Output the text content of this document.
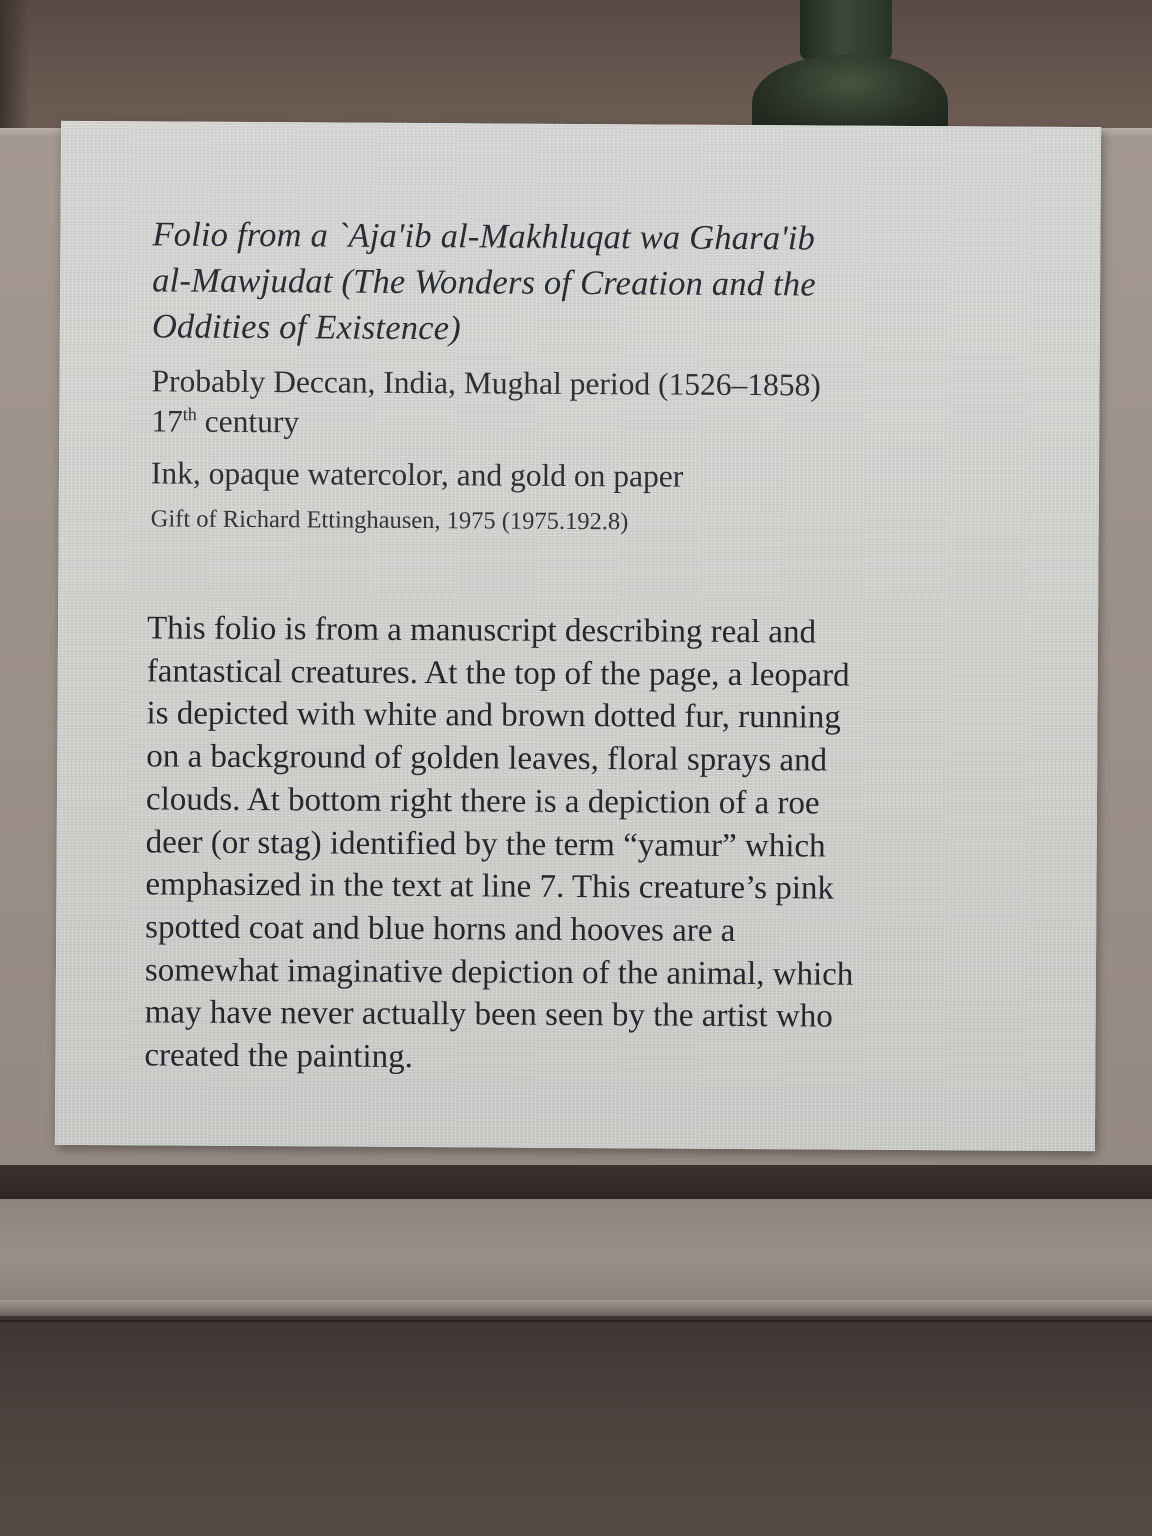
Folio from a `Aja'ib al-Makhluqat wa Ghara'ib
al-Mawjudat (The Wonders of Creation and the
Oddities of Existence)

Probably Deccan, India, Mughal period (1526–1858)

17th century

Ink, opaque watercolor, and gold on paper

Gift of Richard Ettinghausen, 1975 (1975.192.8)

This folio is from a manuscript describing real and
fantastical creatures. At the top of the page, a leopard
is depicted with white and brown dotted fur, running
on a background of golden leaves, floral sprays and
clouds. At bottom right there is a depiction of a roe
deer (or stag) identified by the term “yamur” which
emphasized in the text at line 7. This creature’s pink
spotted coat and blue horns and hooves are a
somewhat imaginative depiction of the animal, which
may have never actually been seen by the artist who
created the painting.
